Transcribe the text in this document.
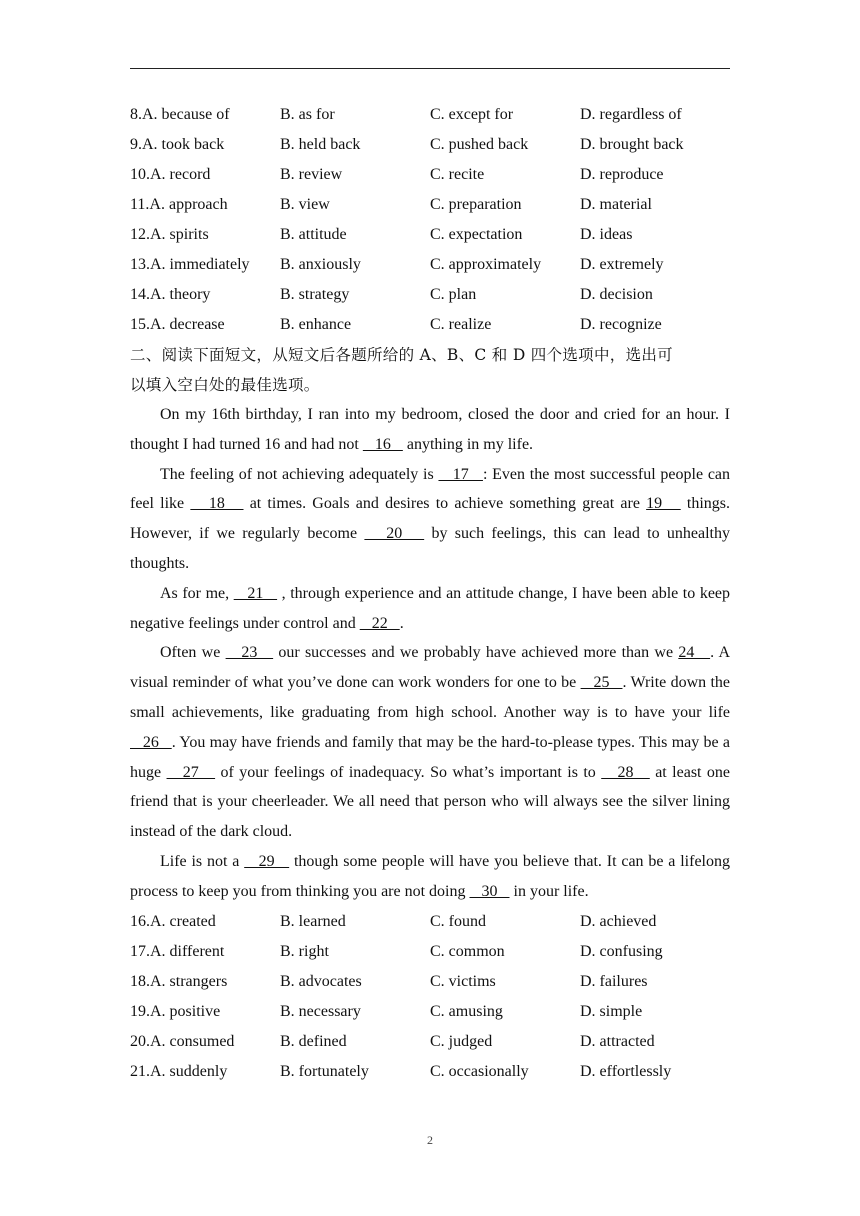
8.A. because of	B. as for	C. except for	D. regardless of
9.A. took back	B. held back	C. pushed back	D. brought back
10.A. record	B. review	C. recite	D. reproduce
11.A. approach	B. view	C. preparation	D. material
12.A. spirits	B. attitude	C. expectation	D. ideas
13.A. immediately	B. anxiously	C. approximately	D. extremely
14.A. theory	B. strategy	C. plan	D. decision
15.A. decrease	B. enhance	C. realize	D. recognize

二、阅读下面短文，从短文后各题所给的 A、B、C 和 D 四个选项中，选出可
以填入空白处的最佳选项。

On my 16th birthday, I ran into my bedroom, closed the door and cried for an hour. I thought I had turned 16 and had not    16    anything in my life.

The feeling of not achieving adequately is    17   : Even the most successful people can feel like    18    at times. Goals and desires to achieve something great are 19    things. However, if we regularly become    20    by such feelings, this can lead to unhealthy thoughts.

As for me,    21    , through experience and an attitude change, I have been able to keep negative feelings under control and    22   .

Often we    23    our successes and we probably have achieved more than we 24   . A visual reminder of what you’ve done can work wonders for one to be    25   . Write down the small achievements, like graduating from high school. Another way is to have your life    26   . You may have friends and family that may be the hard-to-please types. This may be a huge    27    of your feelings of inadequacy. So what’s important is to    28    at least one friend that is your cheerleader. We all need that person who will always see the silver lining instead of the dark cloud.

Life is not a    29    though some people will have you believe that. It can be a lifelong process to keep you from thinking you are not doing    30    in your life.

16.A. created	B. learned	C. found	D. achieved
17.A. different	B. right	C. common	D. confusing
18.A. strangers	B. advocates	C. victims	D. failures
19.A. positive	B. necessary	C. amusing	D. simple
20.A. consumed	B. defined	C. judged	D. attracted
21.A. suddenly	B. fortunately	C. occasionally	D. effortlessly
2
